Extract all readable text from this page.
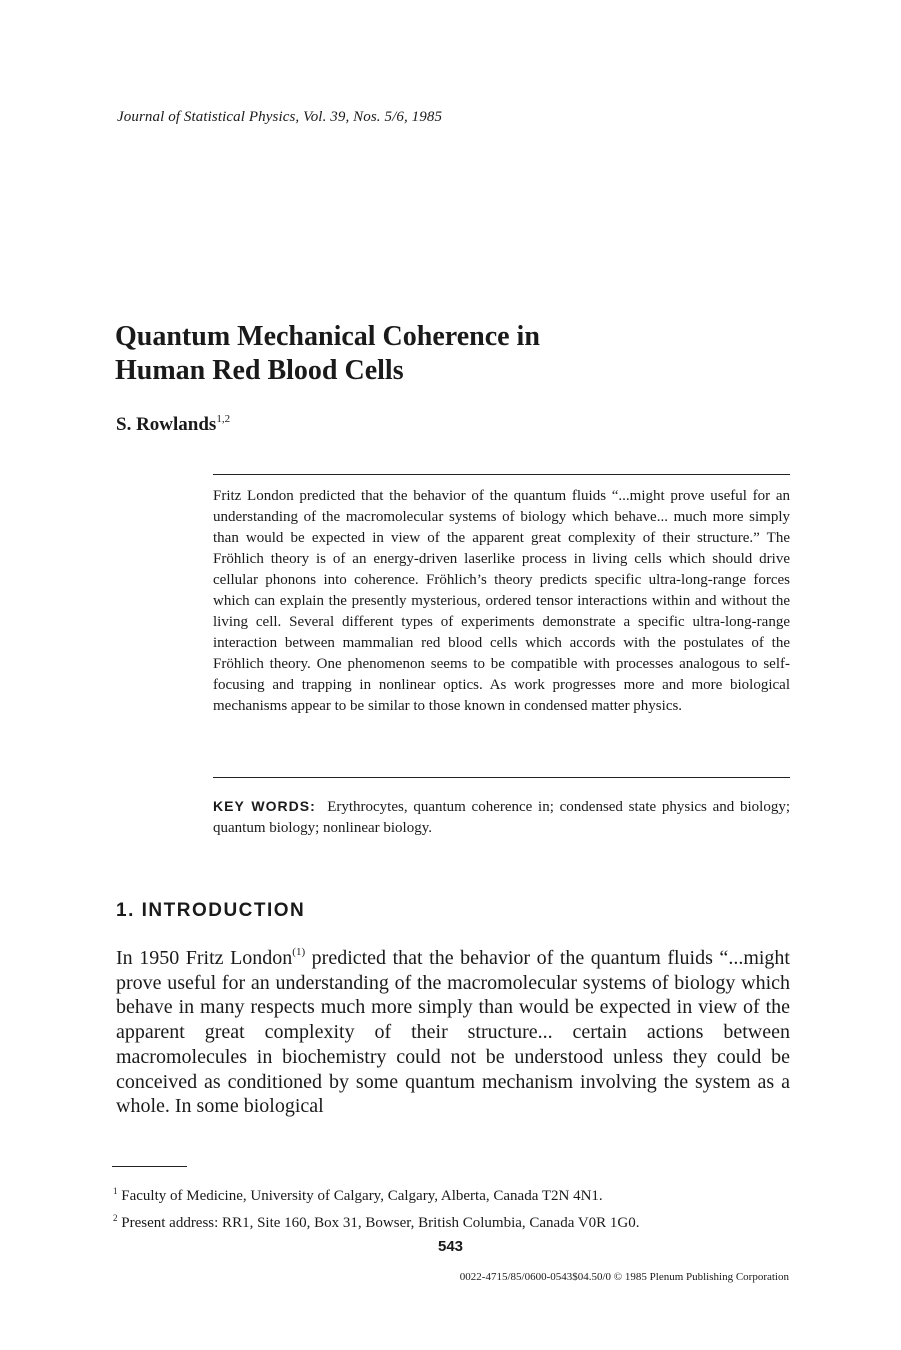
Journal of Statistical Physics, Vol. 39, Nos. 5/6, 1985
Quantum Mechanical Coherence in
Human Red Blood Cells
S. Rowlands$^{1,2}$
Fritz London predicted that the behavior of the quantum fluids “...might prove useful for an understanding of the macromolecular systems of biology which behave... much more simply than would be expected in view of the apparent great complexity of their structure.” The Fröhlich theory is of an energy-driven laserlike process in living cells which should drive cellular phonons into coherence. Fröhlich’s theory predicts specific ultra-long-range forces which can explain the presently mysterious, ordered tensor interactions within and without the living cell. Several different types of experiments demonstrate a specific ultra-long-range interaction between mammalian red blood cells which accords with the postulates of the Fröhlich theory. One phenomenon seems to be compatible with processes analogous to self-focusing and trapping in nonlinear optics. As work progresses more and more biological mechanisms appear to be similar to those known in condensed matter physics.
KEY WORDS: Erythrocytes, quantum coherence in; condensed state physics and biology; quantum biology; nonlinear biology.
1. INTRODUCTION
In 1950 Fritz London$^{(1)}$ predicted that the behavior of the quantum fluids “...might prove useful for an understanding of the macromolecular systems of biology which behave in many respects much more simply than would be expected in view of the apparent great complexity of their structure... certain actions between macromolecules in biochemistry could not be understood unless they could be conceived as conditioned by some quantum mechanism involving the system as a whole. In some biological
$^1$ Faculty of Medicine, University of Calgary, Calgary, Alberta, Canada T2N 4N1.
$^2$ Present address: RR1, Site 160, Box 31, Bowser, British Columbia, Canada V0R 1G0.
543
0022-4715/85/0600-0543$04.50/0 © 1985 Plenum Publishing Corporation
